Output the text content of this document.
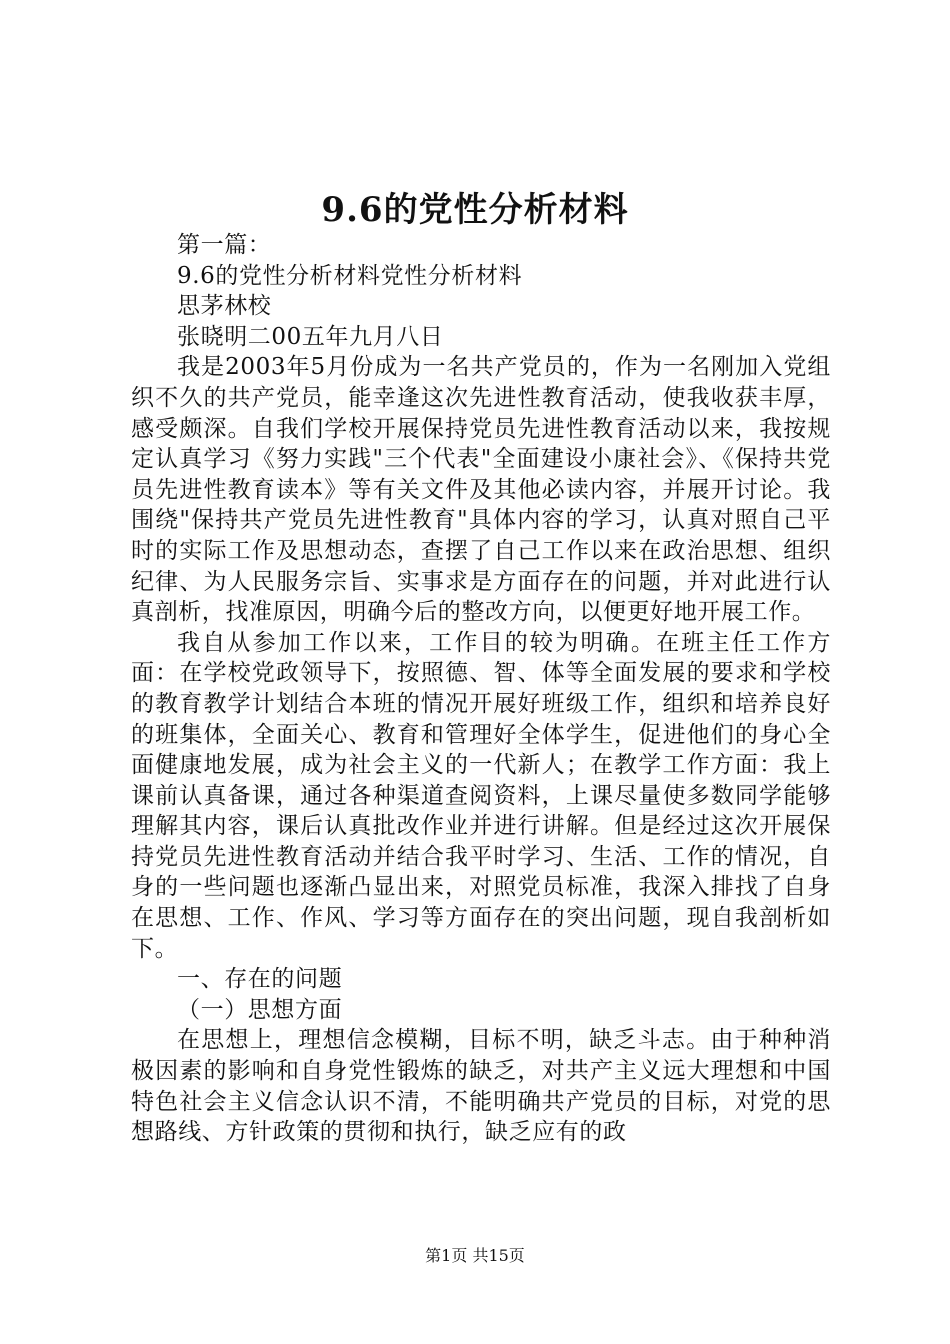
9.6的党性分析材料

第一篇：

9.6的党性分析材料党性分析材料

思茅林校

张晓明二00五年九月八日

我是2003年5月份成为一名共产党员的，作为一名刚加入党组织不久的共产党员，能幸逢这次先进性教育活动，使我收获丰厚，感受颇深。自我们学校开展保持党员先进性教育活动以来，我按规定认真学习《努力实践"三个代表"全面建设小康社会》、《保持共党员先进性教育读本》等有关文件及其他必读内容，并展开讨论。我围绕"保持共产党员先进性教育"具体内容的学习，认真对照自己平时的实际工作及思想动态，查摆了自己工作以来在政治思想、组织纪律、为人民服务宗旨、实事求是方面存在的问题，并对此进行认真剖析，找准原因，明确今后的整改方向，以便更好地开展工作。

我自从参加工作以来，工作目的较为明确。在班主任工作方面：在学校党政领导下，按照德、智、体等全面发展的要求和学校的教育教学计划结合本班的情况开展好班级工作，组织和培养良好的班集体，全面关心、教育和管理好全体学生，促进他们的身心全面健康地发展，成为社会主义的一代新人；在教学工作方面：我上课前认真备课，通过各种渠道查阅资料，上课尽量使多数同学能够理解其内容，课后认真批改作业并进行讲解。但是经过这次开展保持党员先进性教育活动并结合我平时学习、生活、工作的情况，自身的一些问题也逐渐凸显出来，对照党员标准，我深入排找了自身在思想、工作、作风、学习等方面存在的突出问题，现自我剖析如下。

一、存在的问题

（一）思想方面

在思想上，理想信念模糊，目标不明，缺乏斗志。由于种种消极因素的影响和自身党性锻炼的缺乏，对共产主义远大理想和中国特色社会主义信念认识不清，不能明确共产党员的目标，对党的思想路线、方针政策的贯彻和执行，缺乏应有的政

第1页 共15页
